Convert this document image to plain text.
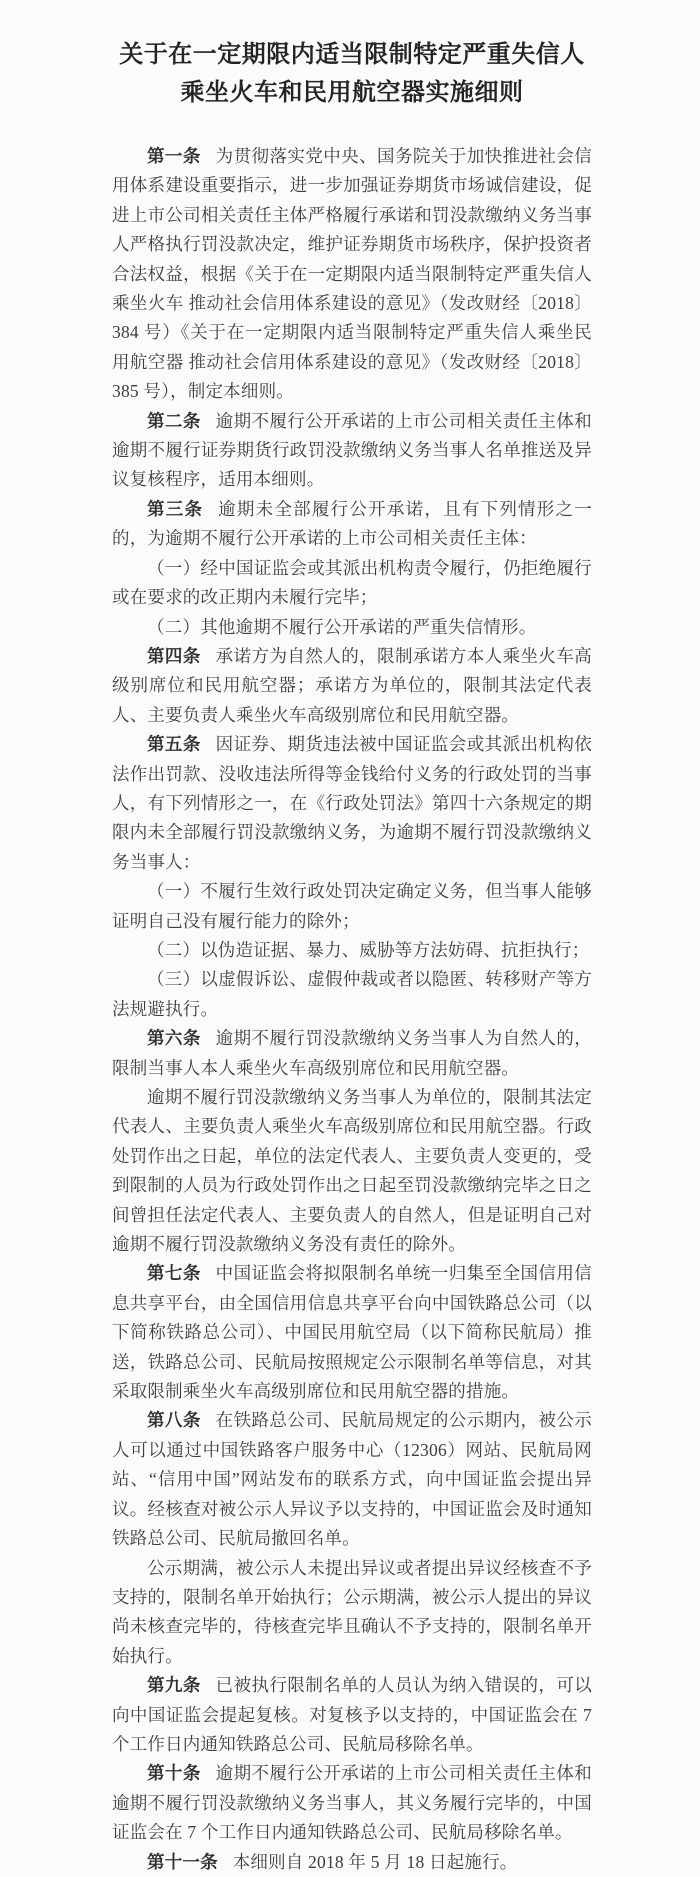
关于在一定期限内适当限制特定严重失信人
乘坐火车和民用航空器实施细则

第一条 为贯彻落实党中央、国务院关于加快推进社会信用体系建设重要指示，进一步加强证券期货市场诚信建设，促进上市公司相关责任主体严格履行承诺和罚没款缴纳义务当事人严格执行罚没款决定，维护证券期货市场秩序，保护投资者合法权益，根据《关于在一定期限内适当限制特定严重失信人乘坐火车 推动社会信用体系建设的意见》（发改财经〔2018〕384 号）《关于在一定期限内适当限制特定严重失信人乘坐民用航空器 推动社会信用体系建设的意见》（发改财经〔2018〕385 号），制定本细则。

第二条 逾期不履行公开承诺的上市公司相关责任主体和逾期不履行证券期货行政罚没款缴纳义务当事人名单推送及异议复核程序，适用本细则。

第三条 逾期未全部履行公开承诺，且有下列情形之一的，为逾期不履行公开承诺的上市公司相关责任主体：

（一）经中国证监会或其派出机构责令履行，仍拒绝履行或在要求的改正期内未履行完毕；

（二）其他逾期不履行公开承诺的严重失信情形。

第四条 承诺方为自然人的，限制承诺方本人乘坐火车高级别席位和民用航空器；承诺方为单位的，限制其法定代表人、主要负责人乘坐火车高级别席位和民用航空器。

第五条 因证券、期货违法被中国证监会或其派出机构依法作出罚款、没收违法所得等金钱给付义务的行政处罚的当事人，有下列情形之一，在《行政处罚法》第四十六条规定的期限内未全部履行罚没款缴纳义务，为逾期不履行罚没款缴纳义务当事人：

（一）不履行生效行政处罚决定确定义务，但当事人能够证明自己没有履行能力的除外；

（二）以伪造证据、暴力、威胁等方法妨碍、抗拒执行；

（三）以虚假诉讼、虚假仲裁或者以隐匿、转移财产等方法规避执行。

第六条 逾期不履行罚没款缴纳义务当事人为自然人的，限制当事人本人乘坐火车高级别席位和民用航空器。

逾期不履行罚没款缴纳义务当事人为单位的，限制其法定代表人、主要负责人乘坐火车高级别席位和民用航空器。行政处罚作出之日起，单位的法定代表人、主要负责人变更的，受到限制的人员为行政处罚作出之日起至罚没款缴纳完毕之日之间曾担任法定代表人、主要负责人的自然人，但是证明自己对逾期不履行罚没款缴纳义务没有责任的除外。

第七条 中国证监会将拟限制名单统一归集至全国信用信息共享平台，由全国信用信息共享平台向中国铁路总公司（以下简称铁路总公司）、中国民用航空局（以下简称民航局）推送，铁路总公司、民航局按照规定公示限制名单等信息，对其采取限制乘坐火车高级别席位和民用航空器的措施。

第八条 在铁路总公司、民航局规定的公示期内，被公示人可以通过中国铁路客户服务中心（12306）网站、民航局网站、“信用中国”网站发布的联系方式，向中国证监会提出异议。经核查对被公示人异议予以支持的，中国证监会及时通知铁路总公司、民航局撤回名单。

公示期满，被公示人未提出异议或者提出异议经核查不予支持的，限制名单开始执行；公示期满，被公示人提出的异议尚未核查完毕的，待核查完毕且确认不予支持的，限制名单开始执行。

第九条 已被执行限制名单的人员认为纳入错误的，可以向中国证监会提起复核。对复核予以支持的，中国证监会在 7 个工作日内通知铁路总公司、民航局移除名单。

第十条 逾期不履行公开承诺的上市公司相关责任主体和逾期不履行罚没款缴纳义务当事人，其义务履行完毕的，中国证监会在 7 个工作日内通知铁路总公司、民航局移除名单。

第十一条 本细则自 2018 年 5 月 18 日起施行。
